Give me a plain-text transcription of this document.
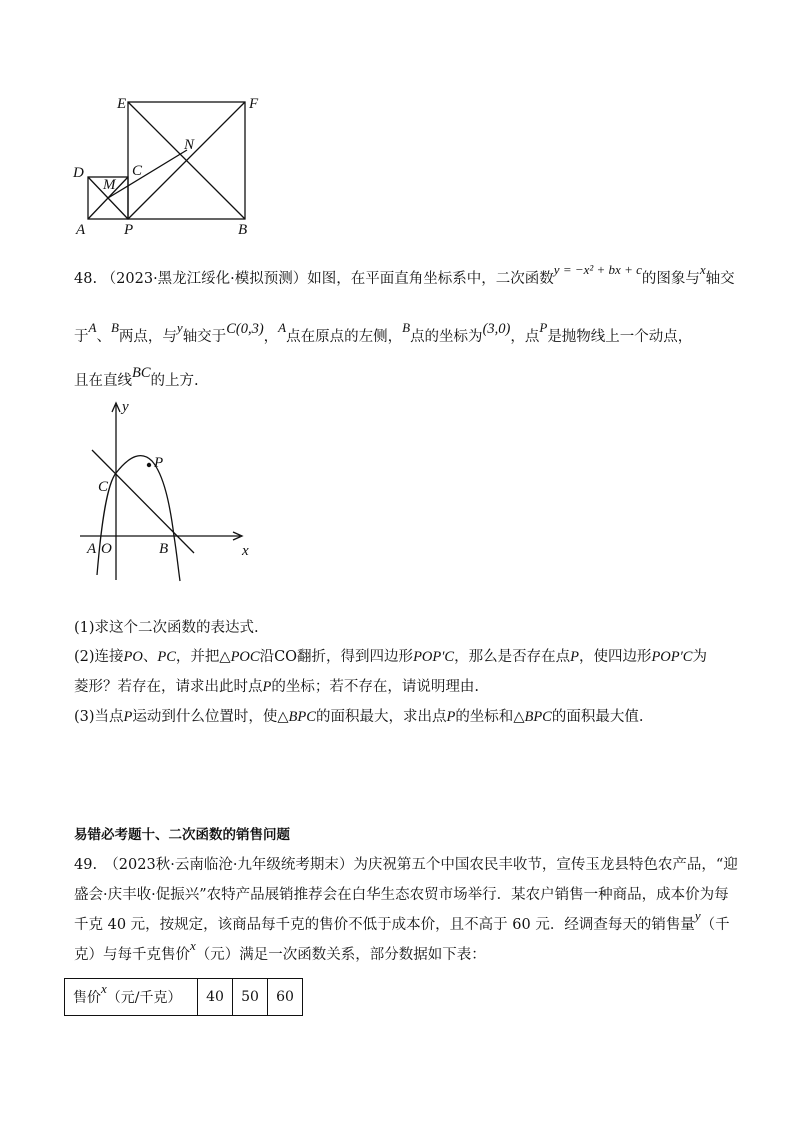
E	F
N
D
M
C
A	P	B
48. （2023·黑龙江绥化·模拟预测）如图，在平面直角坐标系中，二次函数y = −x² + bx + c的图象与x轴交
于A、B两点，与y轴交于C(0,3)，A点在原点的左侧，B点的坐标为(3,0)，点P是抛物线上一个动点，
且在直线BC的上方.
y
P
C
A O	B	x
(1)求这个二次函数的表达式.
(2)连接PO、PC，并把△POC沿CO翻折，得到四边形POP′C，那么是否存在点P，使四边形POP′C为
菱形？若存在，请求出此时点P的坐标；若不存在，请说明理由.
(3)当点P运动到什么位置时，使△BPC的面积最大，求出点P的坐标和△BPC的面积最大值.
易错必考题十、二次函数的销售问题
49.　（2023秋·云南临沧·九年级统考期末）为庆祝第五个中国农民丰收节，宣传玉龙县特色农产品，“迎
盛会·庆丰收·促振兴”农特产品展销推荐会在白华生态农贸市场举行．某农户销售一种商品，成本价为每
千克 40 元，按规定，该商品每千克的售价不低于成本价，且不高于 60 元．经调查每天的销售量y（千
克）与每千克售价x（元）满足一次函数关系，部分数据如下表：
售价x（元/千克）	40	50	60
